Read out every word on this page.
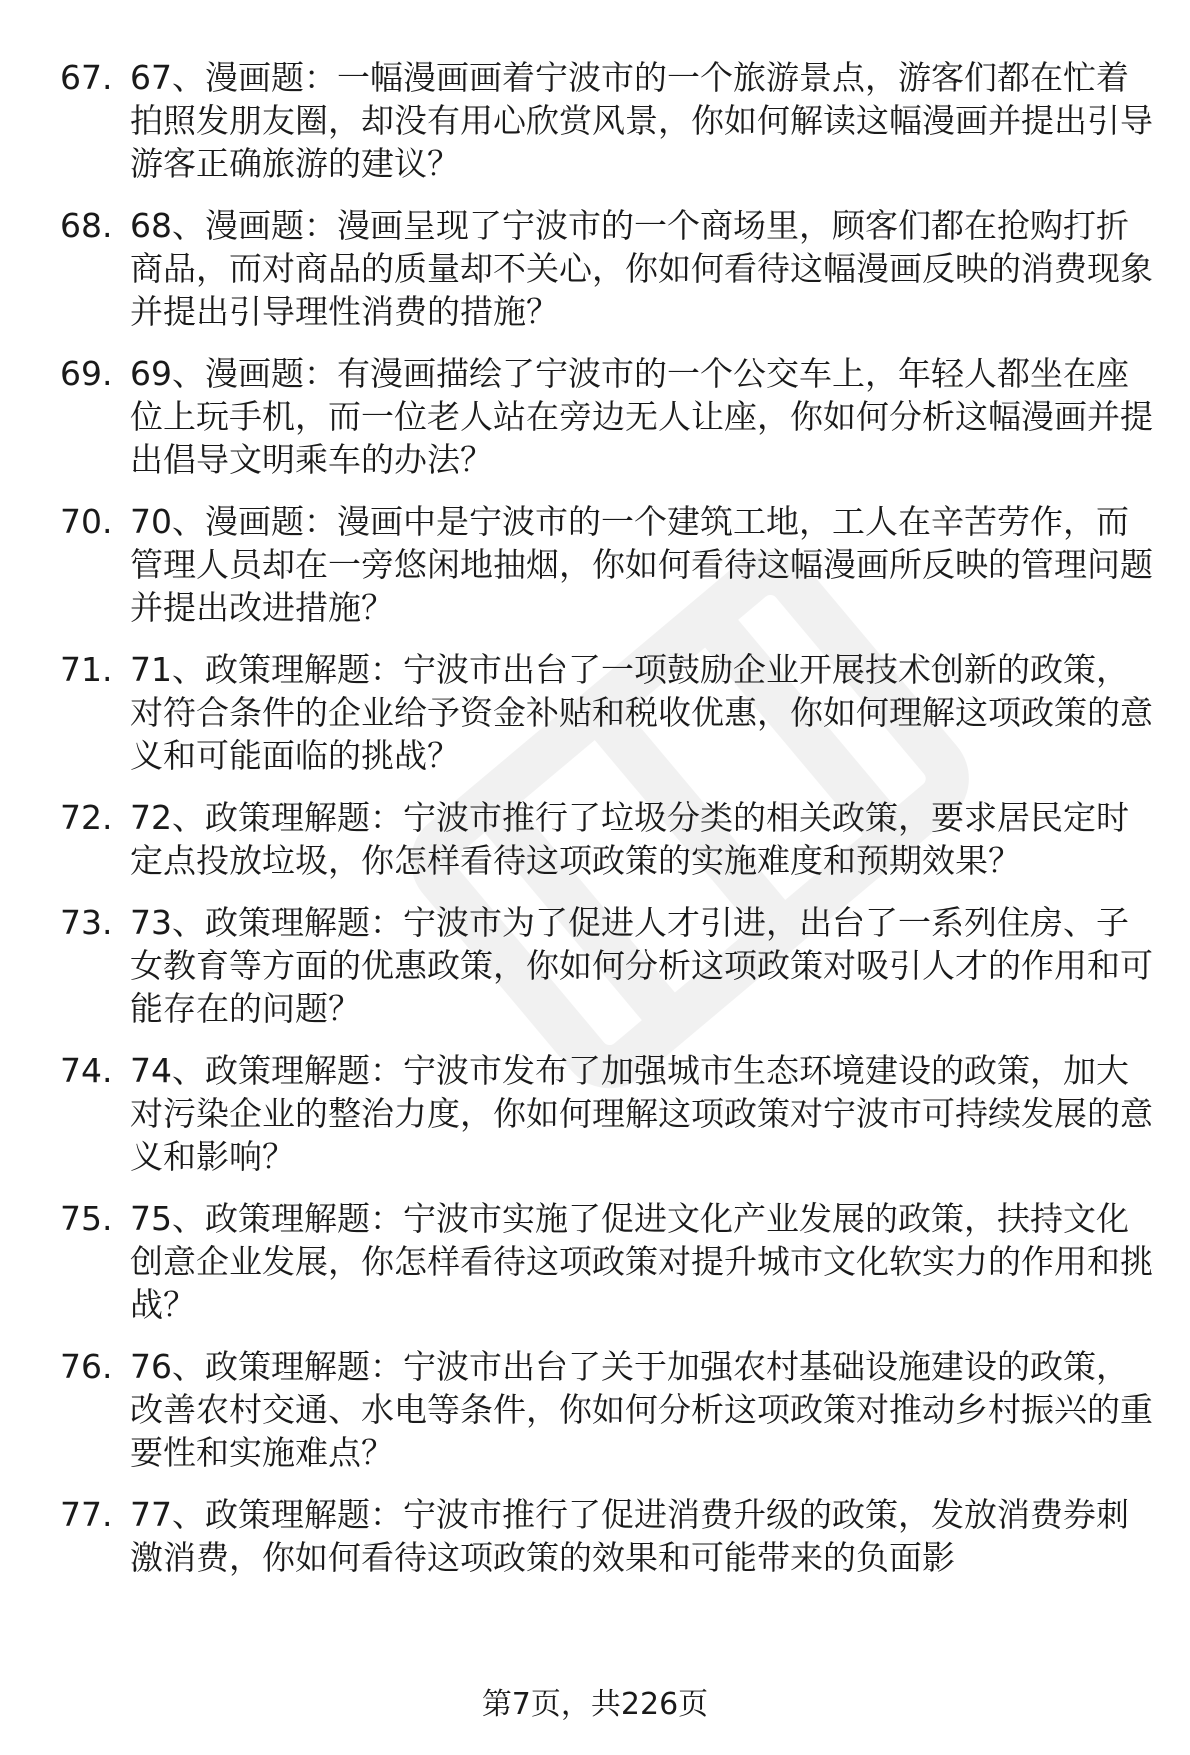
67. 67、漫画题：一幅漫画画着宁波市的一个旅游景点，游客们都在忙着拍照发朋友圈，却没有用心欣赏风景，你如何解读这幅漫画并提出引导游客正确旅游的建议？
68. 68、漫画题：漫画呈现了宁波市的一个商场里，顾客们都在抢购打折商品，而对商品的质量却不关心，你如何看待这幅漫画反映的消费现象并提出引导理性消费的措施？
69. 69、漫画题：有漫画描绘了宁波市的一个公交车上，年轻人都坐在座位上玩手机，而一位老人站在旁边无人让座，你如何分析这幅漫画并提出倡导文明乘车的办法？
70. 70、漫画题：漫画中是宁波市的一个建筑工地，工人在辛苦劳作，而管理人员却在一旁悠闲地抽烟，你如何看待这幅漫画所反映的管理问题并提出改进措施？
71. 71、政策理解题：宁波市出台了一项鼓励企业开展技术创新的政策，对符合条件的企业给予资金补贴和税收优惠，你如何理解这项政策的意义和可能面临的挑战？
72. 72、政策理解题：宁波市推行了垃圾分类的相关政策，要求居民定时定点投放垃圾，你怎样看待这项政策的实施难度和预期效果？
73. 73、政策理解题：宁波市为了促进人才引进，出台了一系列住房、子女教育等方面的优惠政策，你如何分析这项政策对吸引人才的作用和可能存在的问题？
74. 74、政策理解题：宁波市发布了加强城市生态环境建设的政策，加大对污染企业的整治力度，你如何理解这项政策对宁波市可持续发展的意义和影响？
75. 75、政策理解题：宁波市实施了促进文化产业发展的政策，扶持文化创意企业发展，你怎样看待这项政策对提升城市文化软实力的作用和挑战？
76. 76、政策理解题：宁波市出台了关于加强农村基础设施建设的政策，改善农村交通、水电等条件，你如何分析这项政策对推动乡村振兴的重要性和实施难点？
77. 77、政策理解题：宁波市推行了促进消费升级的政策，发放消费券刺激消费，你如何看待这项政策的效果和可能带来的负面影
第7页，共226页
